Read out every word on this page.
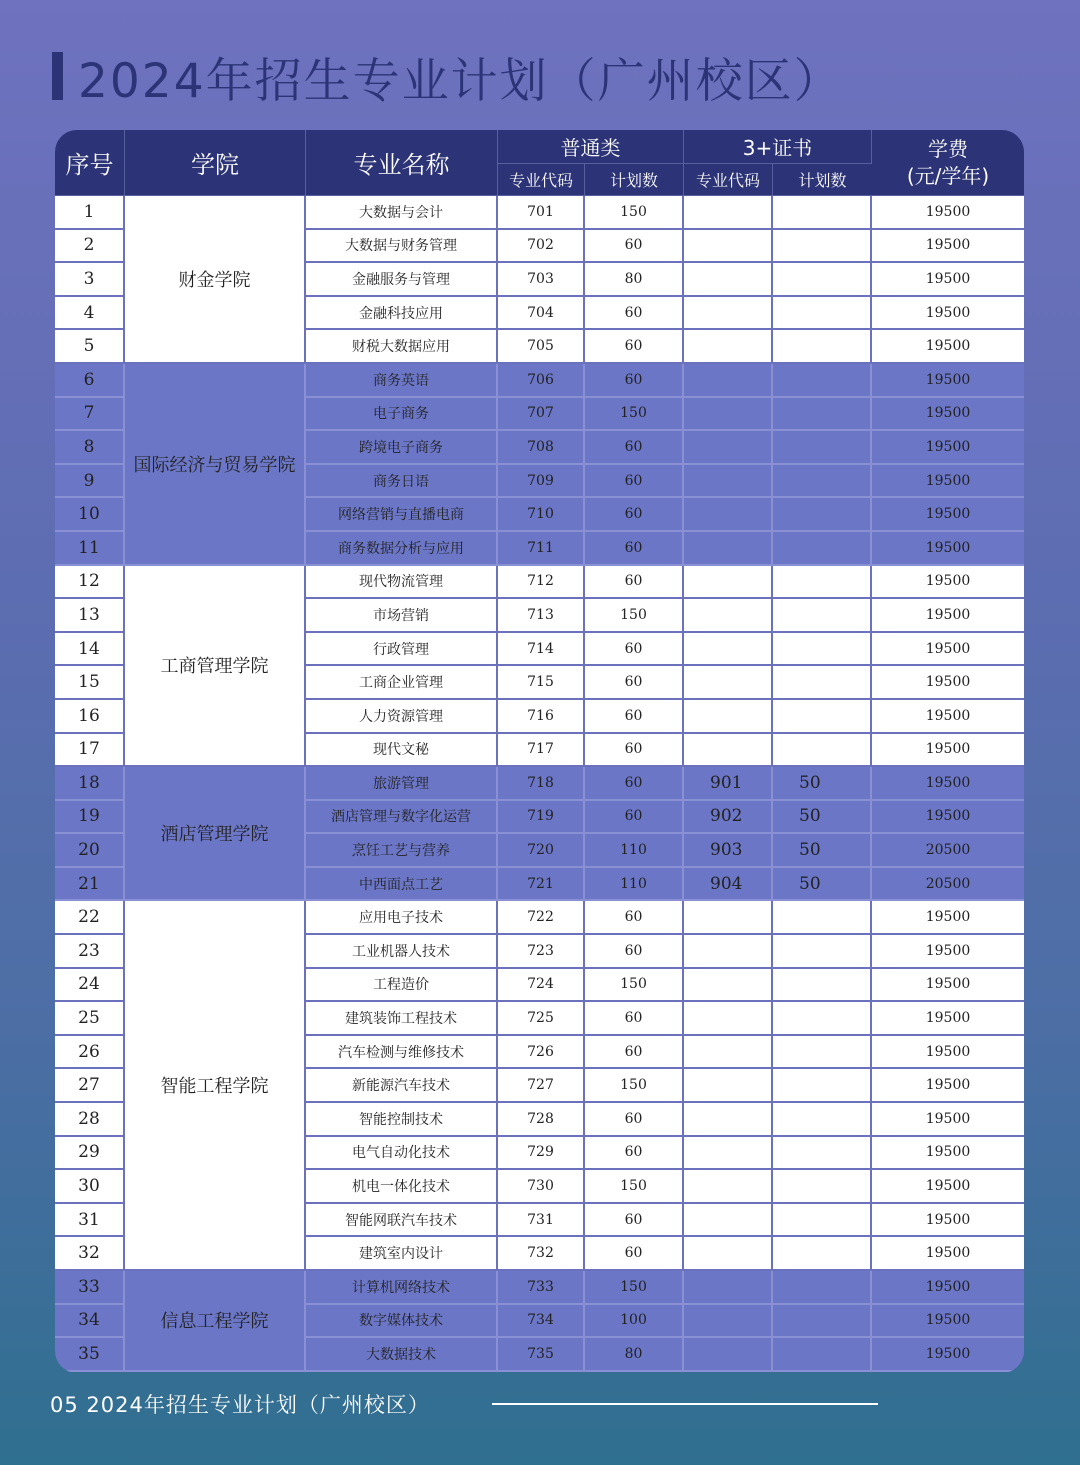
2024年招生专业计划（广州校区）
序号	学院	专业名称	普通类		3+证书		学费
(元/学年)

			专业代码	计划数	专业代码	计划数	
1	财金学院	大数据与会计	701	150			19500
2		大数据与财务管理	702	60			19500
3		金融服务与管理	703	80			19500
4		金融科技应用	704	60			19500
5		财税大数据应用	705	60			19500
6	国际经济与贸易学院	商务英语	706	60			19500
7		电子商务	707	150			19500
8		跨境电子商务	708	60			19500
9		商务日语	709	60			19500
10		网络营销与直播电商	710	60			19500
11		商务数据分析与应用	711	60			19500
12	工商管理学院	现代物流管理	712	60			19500
13		市场营销	713	150			19500
14		行政管理	714	60			19500
15		工商企业管理	715	60			19500
16		人力资源管理	716	60			19500
17		现代文秘	717	60			19500
18	酒店管理学院	旅游管理	718	60	901	50	19500
19		酒店管理与数字化运营	719	60	902	50	19500
20		烹饪工艺与营养	720	110	903	50	20500
21		中西面点工艺	721	110	904	50	20500
22	智能工程学院	应用电子技术	722	60			19500
23		工业机器人技术	723	60			19500
24		工程造价	724	150			19500
25		建筑装饰工程技术	725	60			19500
26		汽车检测与维修技术	726	60			19500
27		新能源汽车技术	727	150			19500
28		智能控制技术	728	60			19500
29		电气自动化技术	729	60			19500
30		机电一体化技术	730	150			19500
31		智能网联汽车技术	731	60			19500
32		建筑室内设计	732	60			19500
33	信息工程学院	计算机网络技术	733	150			19500
34		数字媒体技术	734	100			19500
35		大数据技术	735	80			19500
05 2024年招生专业计划（广州校区）
